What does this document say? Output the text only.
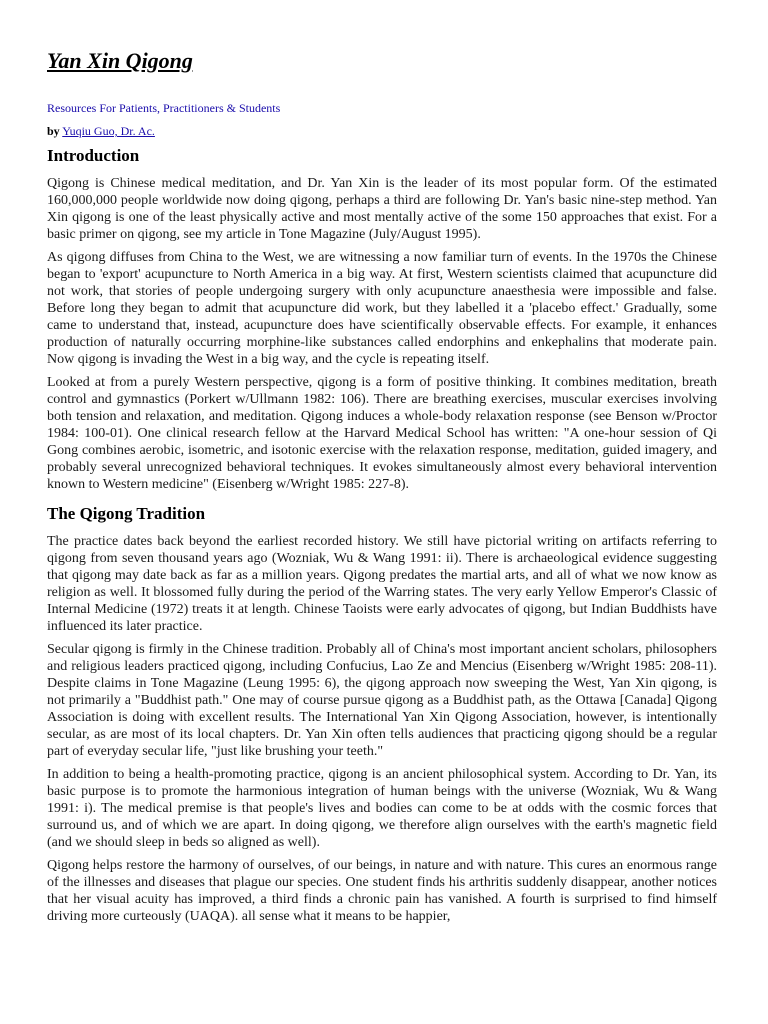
Yan Xin Qigong

Resources For Patients, Practitioners & Students

by Yuqiu Guo, Dr. Ac.

Introduction

Qigong is Chinese medical meditation, and Dr. Yan Xin is the leader of its most popular form. Of the estimated 160,000,000 people worldwide now doing qigong, perhaps a third are following Dr. Yan's basic nine-step method. Yan Xin qigong is one of the least physically active and most mentally active of the some 150 approaches that exist. For a basic primer on qigong, see my article in Tone Magazine (July/August 1995).

As qigong diffuses from China to the West, we are witnessing a now familiar turn of events. In the 1970s the Chinese began to 'export' acupuncture to North America in a big way. At first, Western scientists claimed that acupuncture did not work, that stories of people undergoing surgery with only acupuncture anaesthesia were impossible and false. Before long they began to admit that acupuncture did work, but they labelled it a 'placebo effect.' Gradually, some came to understand that, instead, acupuncture does have scientifically observable effects. For example, it enhances production of naturally occurring morphine-like substances called endorphins and enkephalins that moderate pain. Now qigong is invading the West in a big way, and the cycle is repeating itself.

Looked at from a purely Western perspective, qigong is a form of positive thinking. It combines meditation, breath control and gymnastics (Porkert w/Ullmann 1982: 106). There are breathing exercises, muscular exercises involving both tension and relaxation, and meditation. Qigong induces a whole-body relaxation response (see Benson w/Proctor 1984: 100-01). One clinical research fellow at the Harvard Medical School has written: "A one-hour session of Qi Gong combines aerobic, isometric, and isotonic exercise with the relaxation response, meditation, guided imagery, and probably several unrecognized behavioral techniques. It evokes simultaneously almost every behavioral intervention known to Western medicine" (Eisenberg w/Wright 1985: 227-8).

The Qigong Tradition

The practice dates back beyond the earliest recorded history. We still have pictorial writing on artifacts referring to qigong from seven thousand years ago (Wozniak, Wu & Wang 1991: ii). There is archaeological evidence suggesting that qigong may date back as far as a million years. Qigong predates the martial arts, and all of what we now know as religion as well. It blossomed fully during the period of the Warring states. The very early Yellow Emperor's Classic of Internal Medicine (1972) treats it at length. Chinese Taoists were early advocates of qigong, but Indian Buddhists have influenced its later practice.

Secular qigong is firmly in the Chinese tradition. Probably all of China's most important ancient scholars, philosophers and religious leaders practiced qigong, including Confucius, Lao Ze and Mencius (Eisenberg w/Wright 1985: 208-11). Despite claims in Tone Magazine (Leung 1995: 6), the qigong approach now sweeping the West, Yan Xin qigong, is not primarily a "Buddhist path." One may of course pursue qigong as a Buddhist path, as the Ottawa [Canada] Qigong Association is doing with excellent results. The International Yan Xin Qigong Association, however, is intentionally secular, as are most of its local chapters. Dr. Yan Xin often tells audiences that practicing qigong should be a regular part of everyday secular life, "just like brushing your teeth."

In addition to being a health-promoting practice, qigong is an ancient philosophical system. According to Dr. Yan, its basic purpose is to promote the harmonious integration of human beings with the universe (Wozniak, Wu & Wang 1991: i). The medical premise is that people's lives and bodies can come to be at odds with the cosmic forces that surround us, and of which we are apart. In doing qigong, we therefore align ourselves with the earth's magnetic field (and we should sleep in beds so aligned as well).

Qigong helps restore the harmony of ourselves, of our beings, in nature and with nature. This cures an enormous range of the illnesses and diseases that plague our species. One student finds his arthritis suddenly disappear, another notices that her visual acuity has improved, a third finds a chronic pain has vanished. A fourth is surprised to find himself driving more curteously (UAQA). all sense what it means to be happier,
